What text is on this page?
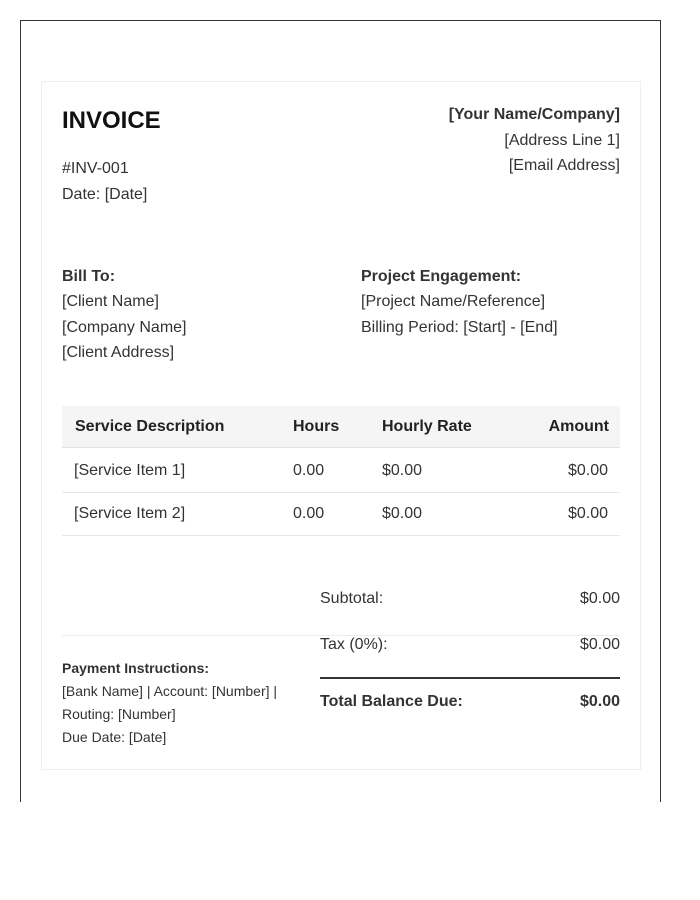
INVOICE
#INV-001
Date: [Date]
[Your Name/Company]
[Address Line 1]
[Email Address]
Bill To:
[Client Name]
[Company Name]
[Client Address]
Project Engagement:
[Project Name/Reference]
Billing Period: [Start] - [End]
Service Description	Hours	Hourly Rate	Amount
[Service Item 1]	0.00	$0.00	$0.00
[Service Item 2]	0.00	$0.00	$0.00
Subtotal:	$0.00
Tax (0%):	$0.00
Total Balance Due:	$0.00
Payment Instructions:
[Bank Name] | Account: [Number] |
Routing: [Number]
Due Date: [Date]
